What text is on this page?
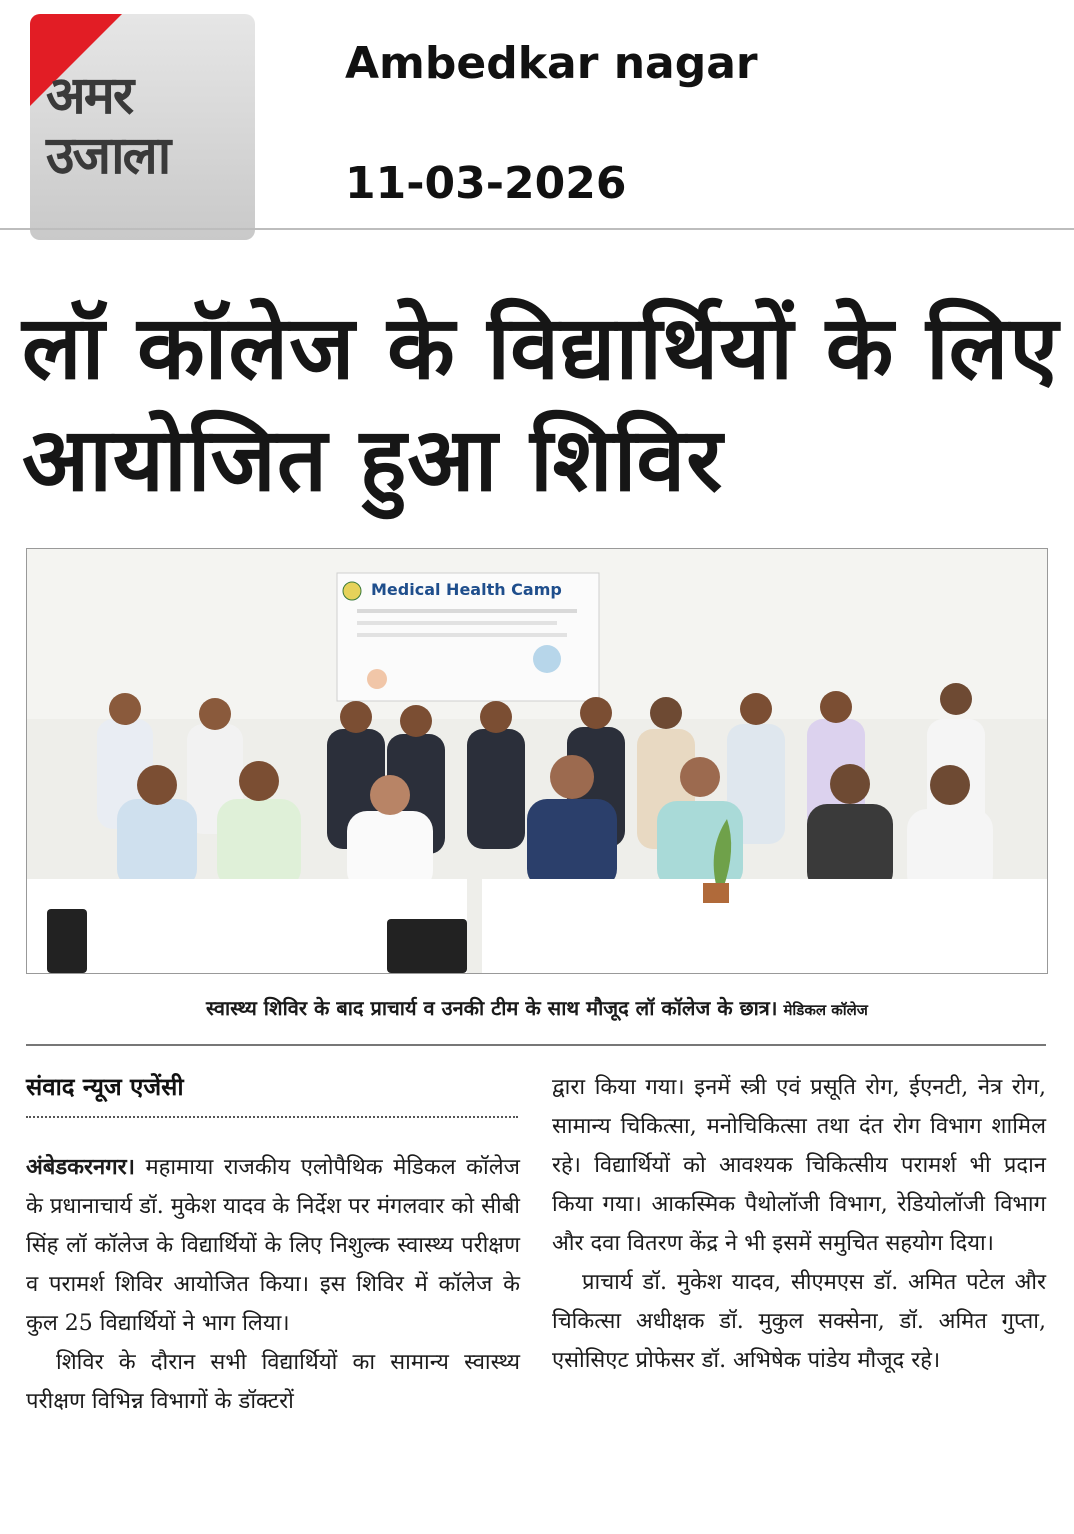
अमर
उजाला
Ambedkar nagar
11-03-2026
लॉ कॉलेज के विद्यार्थियों के लिए आयोजित हुआ शिविर
Medical Health Camp
स्वास्थ्य शिविर के बाद प्राचार्य व उनकी टीम के साथ मौजूद लॉ कॉलेज के छात्र। मेडिकल कॉलेज
संवाद न्यूज एजेंसी

अंबेडकरनगर। महामाया राजकीय एलोपैथिक मेडिकल कॉलेज के प्रधानाचार्य डॉ. मुकेश यादव के निर्देश पर मंगलवार को सीबी सिंह लॉ कॉलेज के विद्यार्थियों के लिए निशुल्क स्वास्थ्य परीक्षण व परामर्श शिविर आयोजित किया। इस शिविर में कॉलेज के कुल 25 विद्यार्थियों ने भाग लिया।

शिविर के दौरान सभी विद्यार्थियों का सामान्य स्वास्थ्य परीक्षण विभिन्न विभागों के डॉक्टरों

द्वारा किया गया। इनमें स्त्री एवं प्रसूति रोग, ईएनटी, नेत्र रोग, सामान्य चिकित्सा, मनोचिकित्सा तथा दंत रोग विभाग शामिल रहे। विद्यार्थियों को आवश्यक चिकित्सीय परामर्श भी प्रदान किया गया। आकस्मिक पैथोलॉजी विभाग, रेडियोलॉजी विभाग और दवा वितरण केंद्र ने भी इसमें समुचित सहयोग दिया।

प्राचार्य डॉ. मुकेश यादव, सीएमएस डॉ. अमित पटेल और चिकित्सा अधीक्षक डॉ. मुकुल सक्सेना, डॉ. अमित गुप्ता, एसोसिएट प्रोफेसर डॉ. अभिषेक पांडेय मौजूद रहे।
